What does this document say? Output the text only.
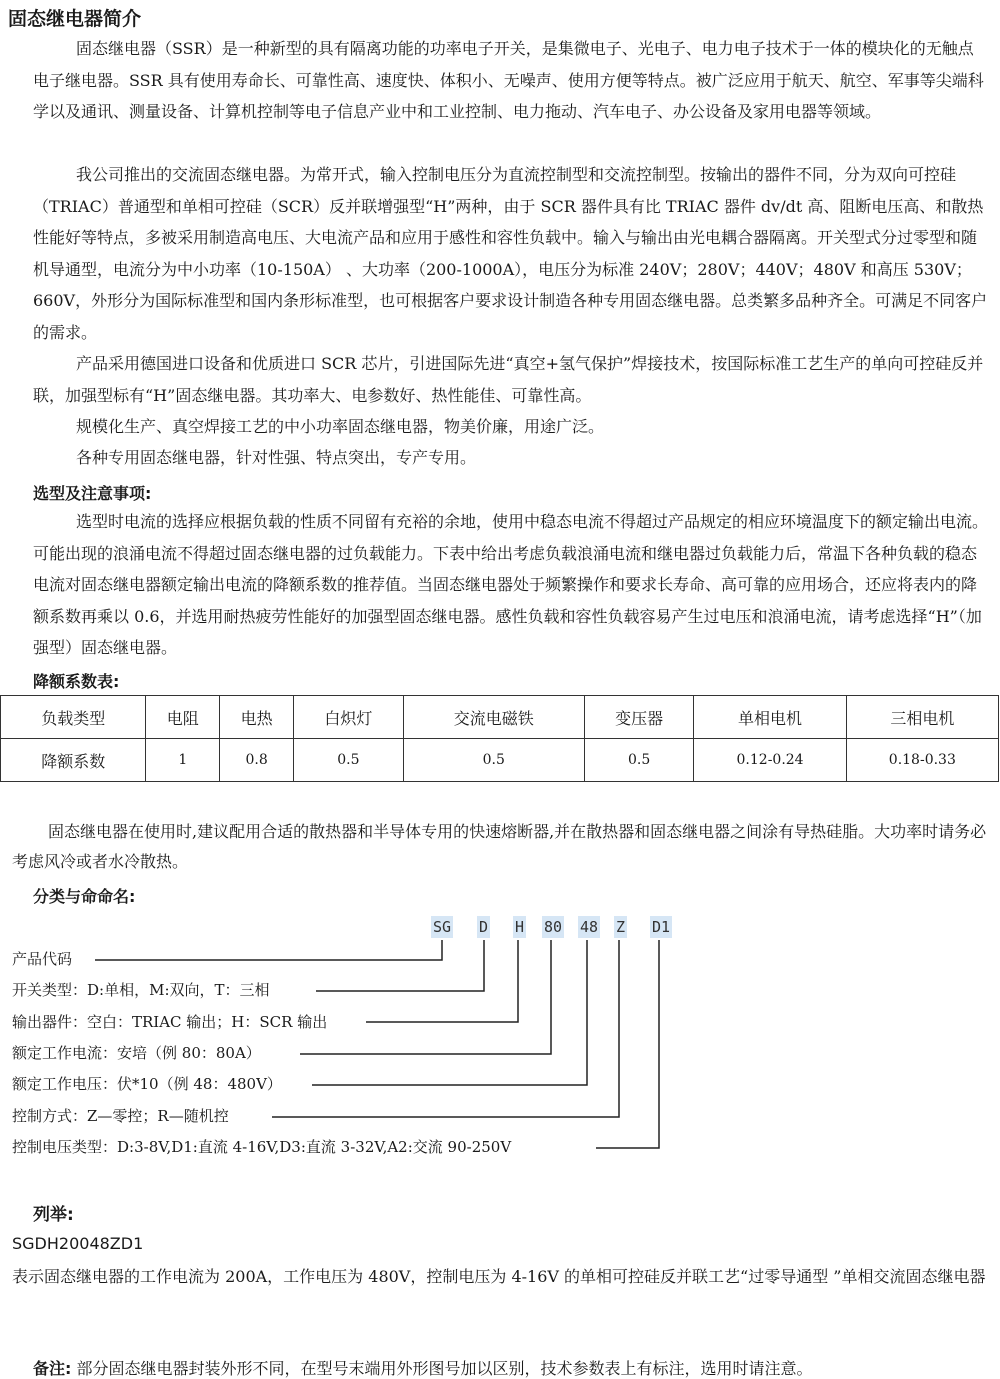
固态继电器简介

固态继电器（SSR）是一种新型的具有隔离功能的功率电子开关，是集微电子、光电子、电力电子技术于一体的模块化的无触点电子继电器。SSR 具有使用寿命长、可靠性高、速度快、体积小、无噪声、使用方便等特点。被广泛应用于航天、航空、军事等尖端科学以及通讯、测量设备、计算机控制等电子信息产业中和工业控制、电力拖动、汽车电子、办公设备及家用电器等领域。

我公司推出的交流固态继电器。为常开式，输入控制电压分为直流控制型和交流控制型。按输出的器件不同，分为双向可控硅（TRIAC）普通型和单相可控硅（SCR）反并联增强型“H”两种，由于 SCR 器件具有比 TRIAC 器件 dv/dt 高、阻断电压高、和散热性能好等特点，多被采用制造高电压、大电流产品和应用于感性和容性负载中。输入与输出由光电耦合器隔离。开关型式分过零型和随机导通型，电流分为中小功率（10-150A） 、大功率（200-1000A），电压分为标准 240V；280V；440V；480V 和高压 530V；660V，外形分为国际标准型和国内条形标准型，也可根据客户要求设计制造各种专用固态继电器。总类繁多品种齐全。可满足不同客户的需求。

产品采用德国进口设备和优质进口 SCR 芯片，引进国际先进“真空+氢气保护”焊接技术，按国际标准工艺生产的单向可控硅反并联，加强型标有“H”固态继电器。其功率大、电参数好、热性能佳、可靠性高。

规模化生产、真空焊接工艺的中小功率固态继电器，物美价廉，用途广泛。

各种专用固态继电器，针对性强、特点突出，专产专用。

选型及注意事项:

选型时电流的选择应根据负载的性质不同留有充裕的余地，使用中稳态电流不得超过产品规定的相应环境温度下的额定输出电流。可能出现的浪涌电流不得超过固态继电器的过负载能力。下表中给出考虑负载浪涌电流和继电器过负载能力后，常温下各种负载的稳态电流对固态继电器额定输出电流的降额系数的推荐值。当固态继电器处于频繁操作和要求长寿命、高可靠的应用场合，还应将表内的降额系数再乘以 0.6，并选用耐热疲劳性能好的加强型固态继电器。感性负载和容性负载容易产生过电压和浪涌电流，请考虑选择“H”（加强型）固态继电器。

降额系数表:
负载类型	电阻	电热	白炽灯	交流电磁铁	变压器	单相电机	三相电机
降额系数	1	0.8	0.5	0.5	0.5	0.12-0.24	0.18-0.33

固态继电器在使用时,建议配用合适的散热器和半导体专用的快速熔断器,并在散热器和固态继电器之间涂有导热硅脂。大功率时请务必考虑风冷或者水冷散热。

分类与命命名:
SG D H 80 48 Z D1
产品代码
开关类型：D:单相，M:双向，T：三相
输出器件：空白：TRIAC 输出；H：SCR 输出
额定工作电流：安培（例 80：80A）
额定工作电压：伏*10（例 48：480V）
控制方式：Z—零控；R—随机控
控制电压类型：D:3-8V,D1:直流 4-16V,D3:直流 3-32V,A2:交流 90-250V
列举:
SGDH20048ZD1

表示固态继电器的工作电流为 200A，工作电压为 480V，控制电压为 4-16V 的单相可控硅反并联工艺“过零导通型 ”单相交流固态继电器

备注: 部分固态继电器封装外形不同，在型号末端用外形图号加以区别，技术参数表上有标注，选用时请注意。
